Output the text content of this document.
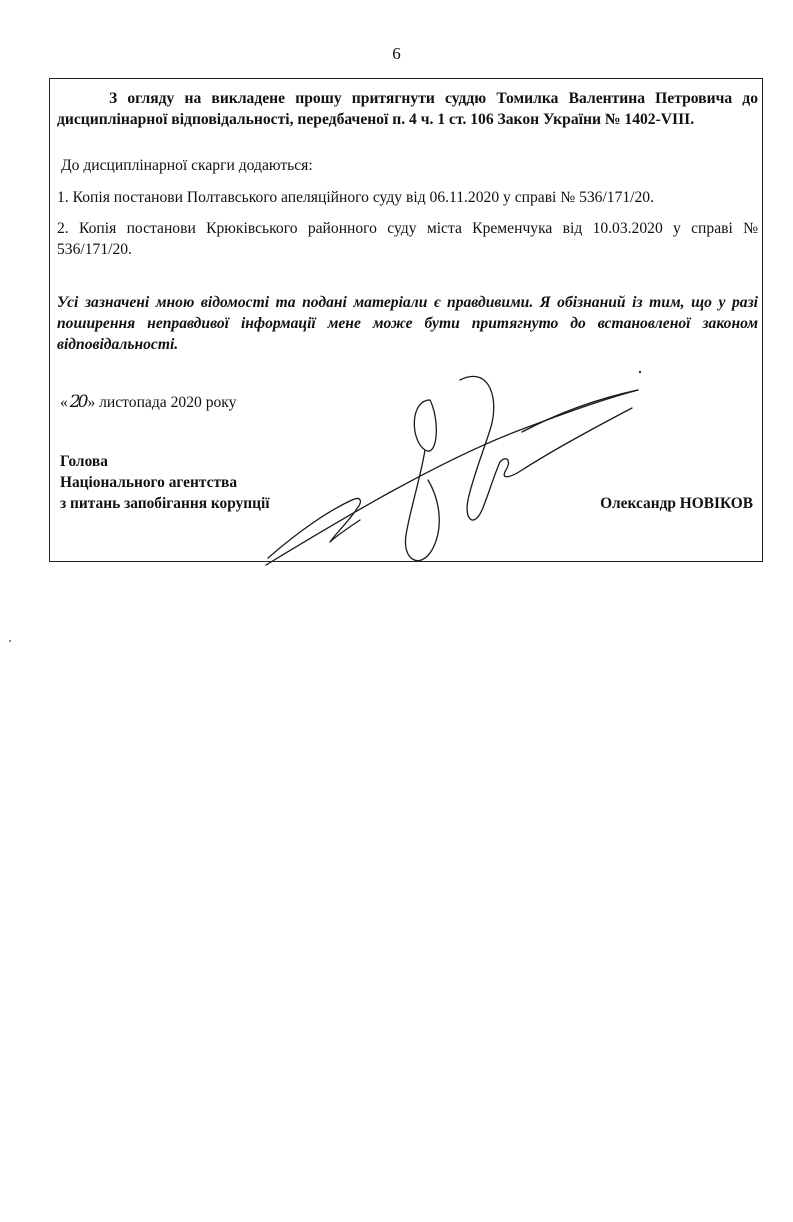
6
З огляду на викладене прошу притягнути суддю Томилка Валентина Петровича до дисциплінарної відповідальності, передбаченої п. 4 ч. 1 ст. 106 Закон України № 1402-VIII.
До дисциплінарної скарги додаються:
1. Копія постанови Полтавського апеляційного суду від 06.11.2020 у справі № 536/171/20.
2. Копія постанови Крюківського районного суду міста Кременчука від 10.03.2020 у справі № 536/171/20.
Усі зазначені мною відомості та подані матеріали є правдивими. Я обізнаний із тим, що у разі поширення неправдивої інформації мене може бути притягнуто до встановленої законом відповідальності.
« 20 » листопада 2020 року
Голова
Національного агентства
з питань запобігання корупції	Олександр НОВІКОВ
